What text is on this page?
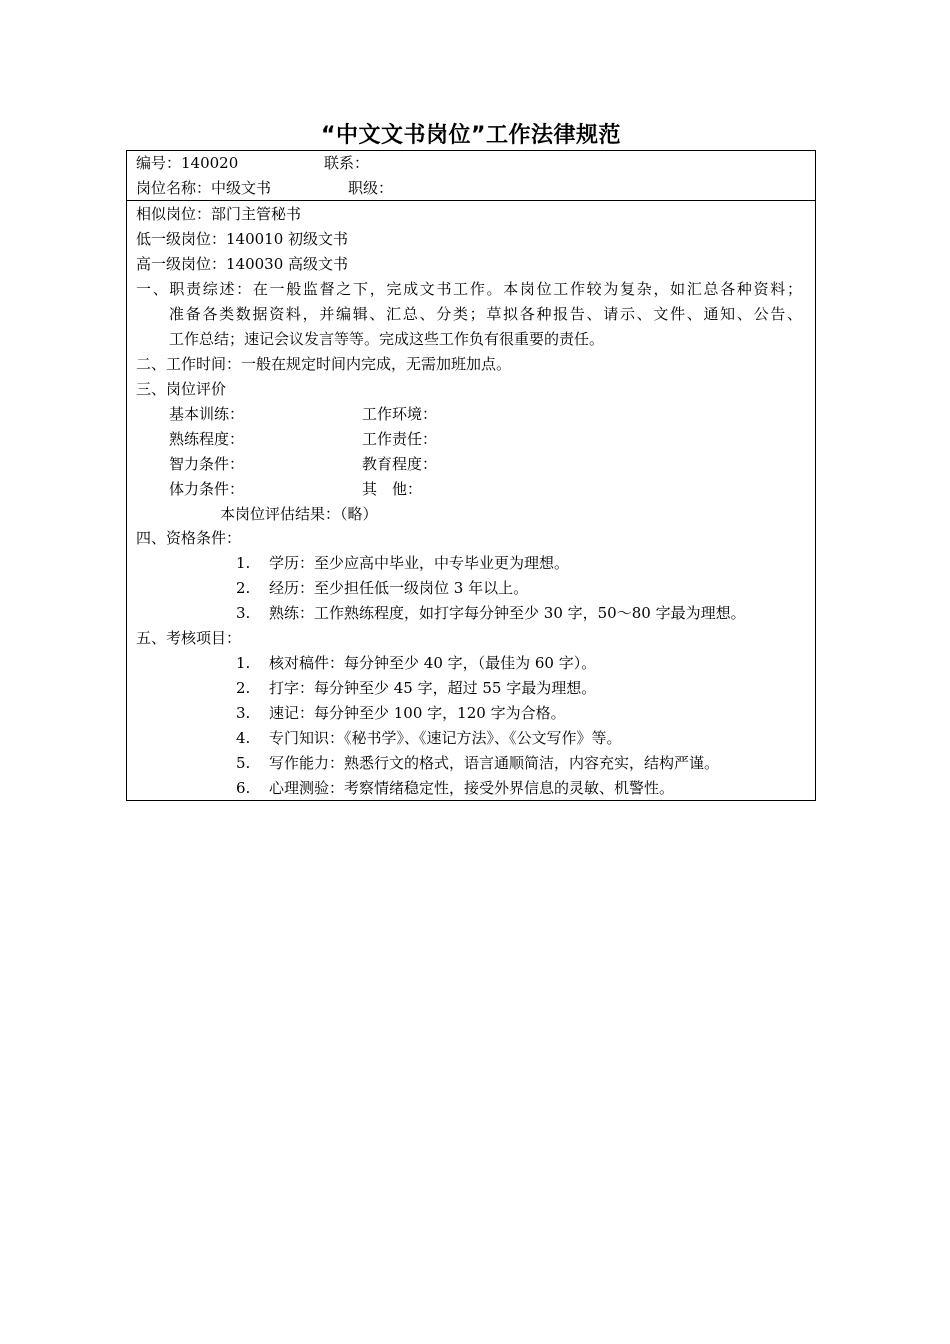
“中文文书岗位”工作法律规范
编号：140020	联系：
岗位名称：中级文书	职级：
相似岗位：部门主管秘书
低一级岗位：140010 初级文书
高一级岗位：140030 高级文书
一、职责综述：在一般监督之下，完成文书工作。本岗位工作较为复杂，如汇总各种资料；
准备各类数据资料，并编辑、汇总、分类；草拟各种报告、请示、文件、通知、公告、
工作总结；速记会议发言等等。完成这些工作负有很重要的责任。
二、工作时间：一般在规定时间内完成，无需加班加点。
三、岗位评价
基本训练：	工作环境：
熟练程度：	工作责任：
智力条件：	教育程度：
体力条件：	其　他：
本岗位评估结果：（略）
四、资格条件：
1. 学历：至少应高中毕业，中专毕业更为理想。
2. 经历：至少担任低一级岗位 3 年以上。
3. 熟练：工作熟练程度，如打字每分钟至少 30 字，50～80 字最为理想。
五、考核项目：
1. 核对稿件：每分钟至少 40 字，（最佳为 60 字）。
2. 打字：每分钟至少 45 字，超过 55 字最为理想。
3. 速记：每分钟至少 100 字，120 字为合格。
4. 专门知识：《秘书学》、《速记方法》、《公文写作》等。
5. 写作能力：熟悉行文的格式，语言通顺简洁，内容充实，结构严谨。
6. 心理测验：考察情绪稳定性，接受外界信息的灵敏、机警性。
